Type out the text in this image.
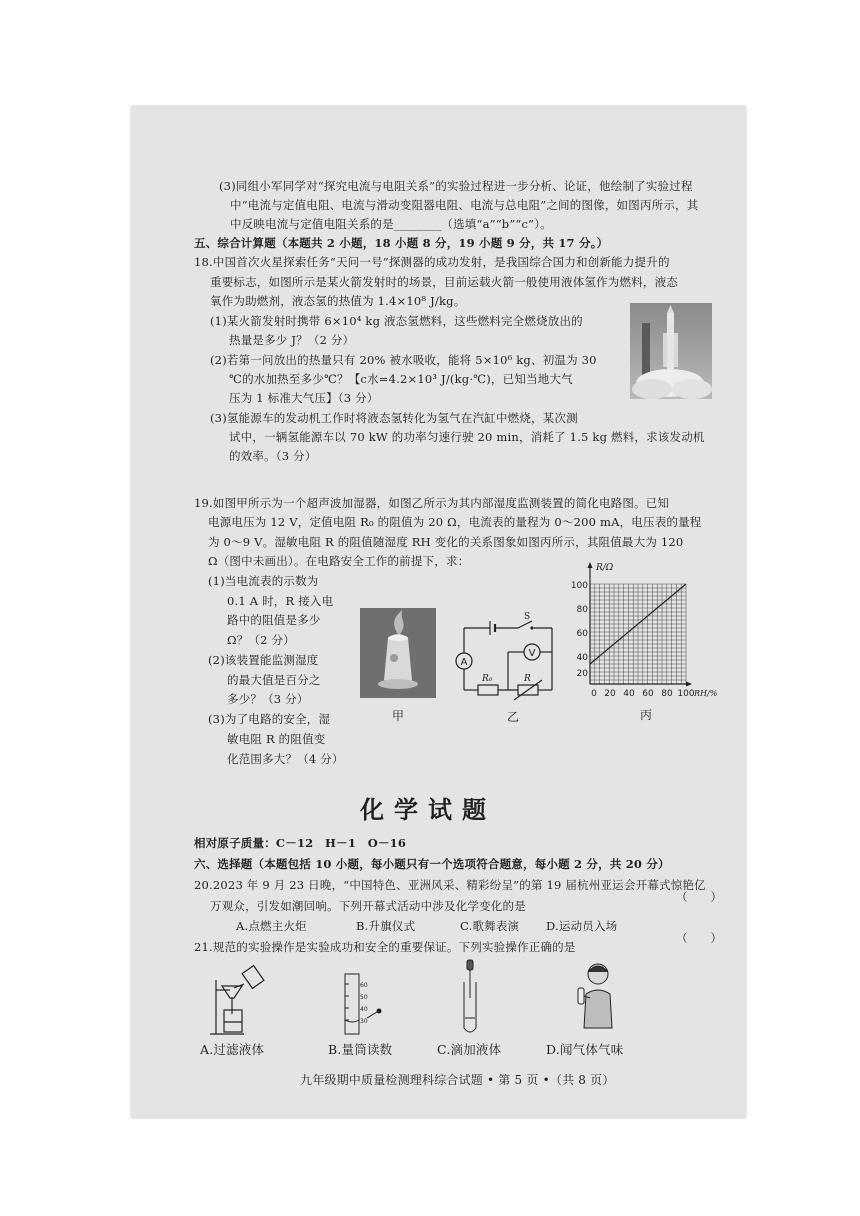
(3)同组小军同学对“探究电流与电阻关系”的实验过程进一步分析、论证，他绘制了实验过程
中“电流与定值电阻、电流与滑动变阻器电阻、电流与总电阻”之间的图像，如图丙所示，其
中反映电流与定值电阻关系的是________（选填“a”“b”“c”）。
五、综合计算题（本题共 2 小题，18 小题 8 分，19 小题 9 分，共 17 分。）
18.中国首次火星探索任务“天问一号”探测器的成功发射，是我国综合国力和创新能力提升的
重要标志，如图所示是某火箭发射时的场景，目前运载火箭一般使用液体氢作为燃料，液态
氧作为助燃剂，液态氢的热值为 1.4×10⁸ J/kg。
(1)某火箭发射时携带 6×10⁴ kg 液态氢燃料，这些燃料完全燃烧放出的
热量是多少 J？（2 分）
(2)若第一问放出的热量只有 20% 被水吸收，能将 5×10⁶ kg、初温为 30
℃的水加热至多少℃？【c水=4.2×10³ J/(kg·℃)，已知当地大气
压为 1 标准大气压】（3 分）
(3)氢能源车的发动机工作时将液态氢转化为氢气在汽缸中燃烧，某次测
试中，一辆氢能源车以 70 kW 的功率匀速行驶 20 min，消耗了 1.5 kg 燃料，求该发动机
的效率。（3 分）
19.如图甲所示为一个超声波加湿器，如图乙所示为其内部湿度监测装置的简化电路图。已知
电源电压为 12 V，定值电阻 R₀ 的阻值为 20 Ω，电流表的量程为 0～200 mA，电压表的量程
为 0～9 V。湿敏电阻 R 的阻值随湿度 RH 变化的关系图象如图丙所示，其阻值最大为 120
Ω（图中未画出）。在电路安全工作的前提下，求：
(1)当电流表的示数为
0.1 A 时，R 接入电
路中的阻值是多少
Ω？（2 分）
(2)该装置能监测湿度
的最大值是百分之
多少？（3 分）
(3)为了电路的安全，湿
敏电阻 R 的阻值变
化范围多大？（4 分）
甲
A
V
S
R₀	R
乙
R/Ω
100
80
60
40
20
0 20 40 60 80 100 RH/%
丙
化学试题
相对原子质量：C－12　H－1　O－16
六、选择题（本题包括 10 小题，每小题只有一个选项符合题意，每小题 2 分，共 20 分）
20.2023 年 9 月 23 日晚，“中国特色、亚洲风采、精彩纷呈”的第 19 届杭州亚运会开幕式惊艳亿
万观众，引发如潮回响。下列开幕式活动中涉及化学变化的是
（　　）
A.点燃主火炬	B.升旗仪式	C.歌舞表演 D.运动员入场
21.规范的实验操作是实验成功和安全的重要保证。下列实验操作正确的是
（　　）
60
50
40
30
A.过滤液体	B.量筒读数	C.滴加液体	D.闻气体气味
九年级期中质量检测理科综合试题 • 第 5 页 •（共 8 页）
